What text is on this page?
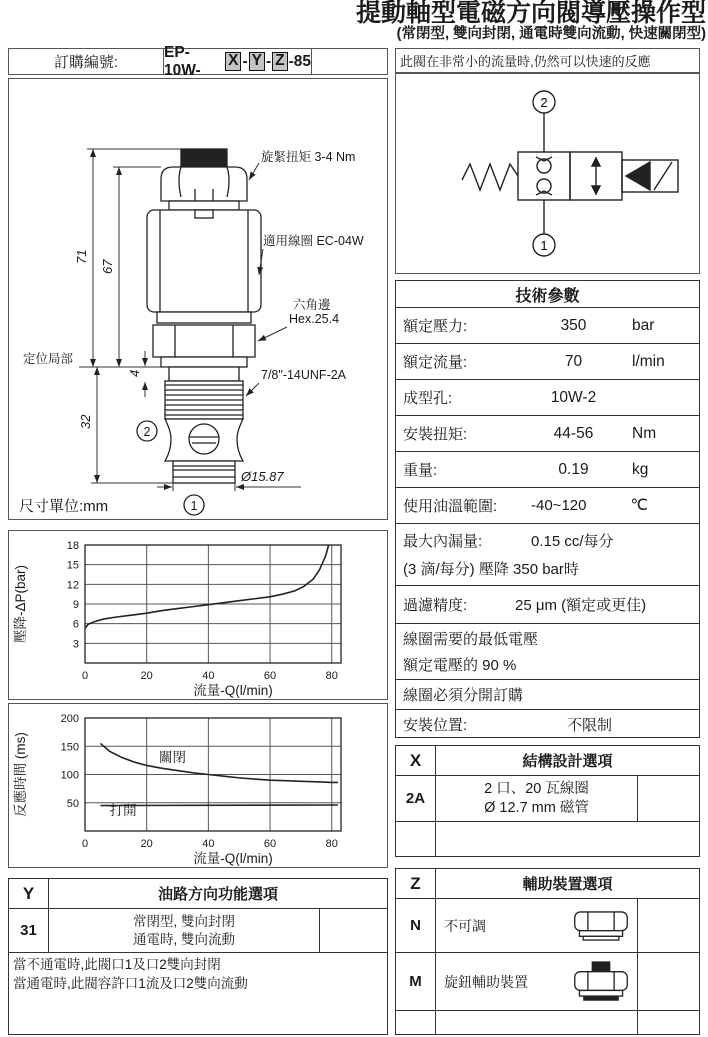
提動軸型電磁方向閥導壓操作型
(常閉型, 雙向封閉, 通電時雙向流動, 快速關閉型)
訂購編號:
EP-10W-
X - Y - Z -85
2
1
旋緊扭矩 3-4 Nm
適用線圈 EC-04W
六角邊
Hex.25.4
定位局部
7/8"-14UNF-2A
Ø15.87
71
67
32
4
尺寸單位:mm
0	20	40	60	80
3
6
9
12
15
18
流量-Q(l/min)
壓降-ΔP(bar)
0	20	40	60	80
50
100
150
200
關閉
打開
流量-Q(l/min)
反應時間 (ms)
Y	油路方向功能選項
31
常閉型, 雙向封閉
通電時, 雙向流動
當不通電時,此閥口1及口2雙向封閉
當通電時,此閥容許口1流及口2雙向流動
此閥在非常小的流量時,仍然可以快速的反應
2
1
技術參數
額定壓力:	350	bar
額定流量:	70	l/min
成型孔:	10W-2
安裝扭矩:	44-56	Nm
重量:	0.19	kg
使用油溫範圍:	-40~120	℃
最大內漏量:	0.15 cc/每分
(3 滴/每分) 壓降 350 bar時
過濾精度:	25 μm (額定或更佳)
線圈需要的最低電壓
額定電壓的 90 %
線圈必須分開訂購
安裝位置:	不限制
X	結構設計選項
2A
2 口、20 瓦線圈
Ø 12.7 mm 磁管
Z	輔助裝置選項
N	不可調
M	旋鈕輔助裝置
